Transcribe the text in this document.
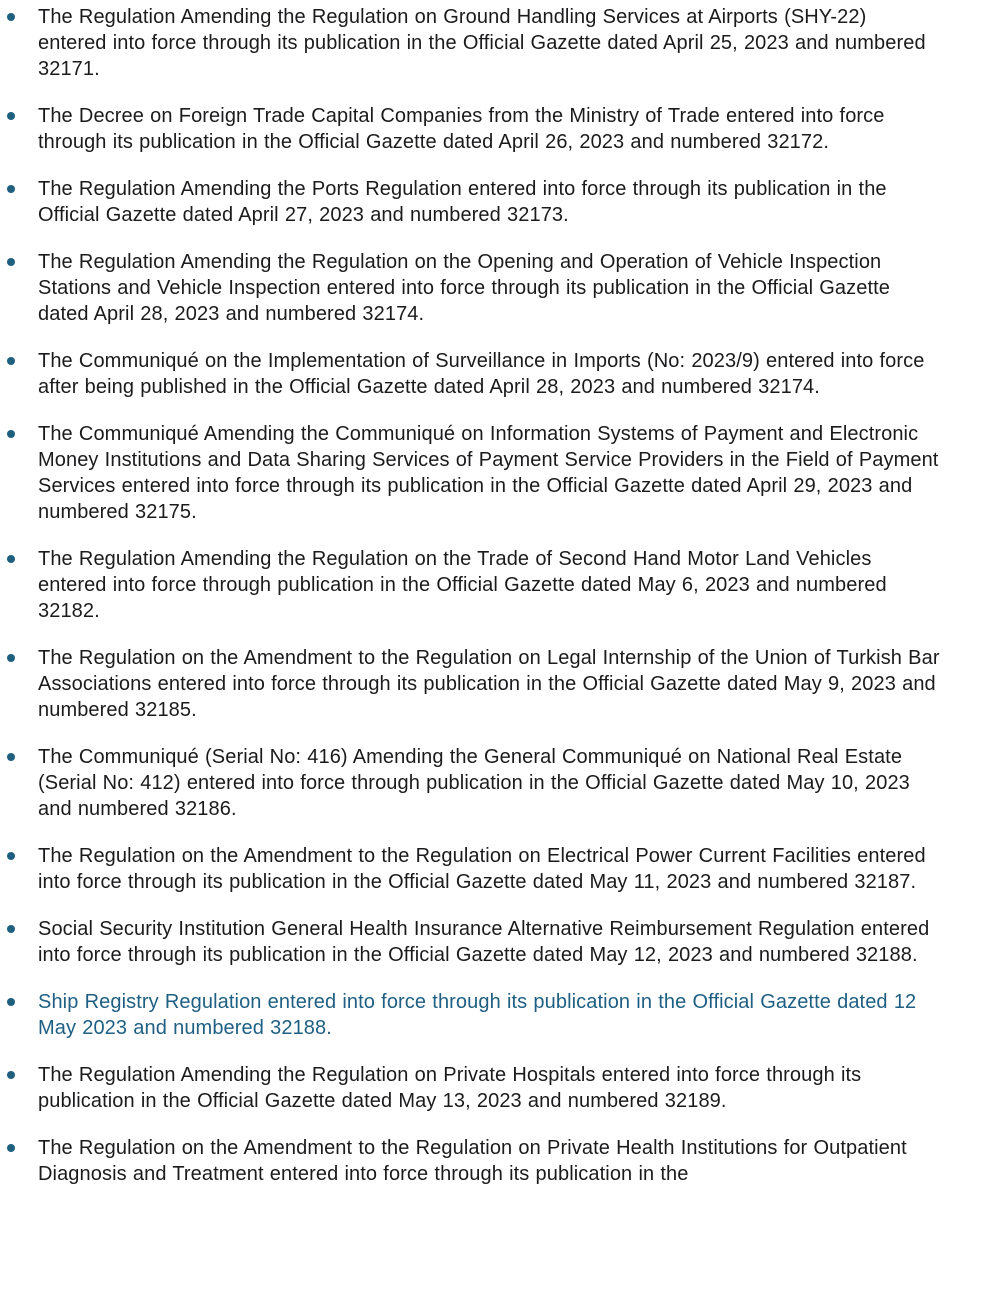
The Regulation Amending the Regulation on Ground Handling Services at Airports (SHY-22) entered into force through its publication in the Official Gazette dated April 25, 2023 and numbered 32171.
The Decree on Foreign Trade Capital Companies from the Ministry of Trade entered into force through its publication in the Official Gazette dated April 26, 2023 and numbered 32172.
The Regulation Amending the Ports Regulation entered into force through its publication in the Official Gazette dated April 27, 2023 and numbered 32173.
The Regulation Amending the Regulation on the Opening and Operation of Vehicle Inspection Stations and Vehicle Inspection entered into force through its publication in the Official Gazette dated April 28, 2023 and numbered 32174.
The Communiqué on the Implementation of Surveillance in Imports (No: 2023/9) entered into force after being published in the Official Gazette dated April 28, 2023 and numbered 32174.
The Communiqué Amending the Communiqué on Information Systems of Payment and Electronic Money Institutions and Data Sharing Services of Payment Service Providers in the Field of Payment Services entered into force through its publication in the Official Gazette dated April 29, 2023 and numbered 32175.
The Regulation Amending the Regulation on the Trade of Second Hand Motor Land Vehicles entered into force through publication in the Official Gazette dated May 6, 2023 and numbered 32182.
The Regulation on the Amendment to the Regulation on Legal Internship of the Union of Turkish Bar Associations entered into force through its publication in the Official Gazette dated May 9, 2023 and numbered 32185.
The Communiqué (Serial No: 416) Amending the General Communiqué on National Real Estate (Serial No: 412) entered into force through publication in the Official Gazette dated May 10, 2023 and numbered 32186.
The Regulation on the Amendment to the Regulation on Electrical Power Current Facilities entered into force through its publication in the Official Gazette dated May 11, 2023 and numbered 32187.
Social Security Institution General Health Insurance Alternative Reimbursement Regulation entered into force through its publication in the Official Gazette dated May 12, 2023 and numbered 32188.
Ship Registry Regulation entered into force through its publication in the Official Gazette dated 12 May 2023 and numbered 32188.
The Regulation Amending the Regulation on Private Hospitals entered into force through its publication in the Official Gazette dated May 13, 2023 and numbered 32189.
The Regulation on the Amendment to the Regulation on Private Health Institutions for Outpatient Diagnosis and Treatment entered into force through its publication in the
